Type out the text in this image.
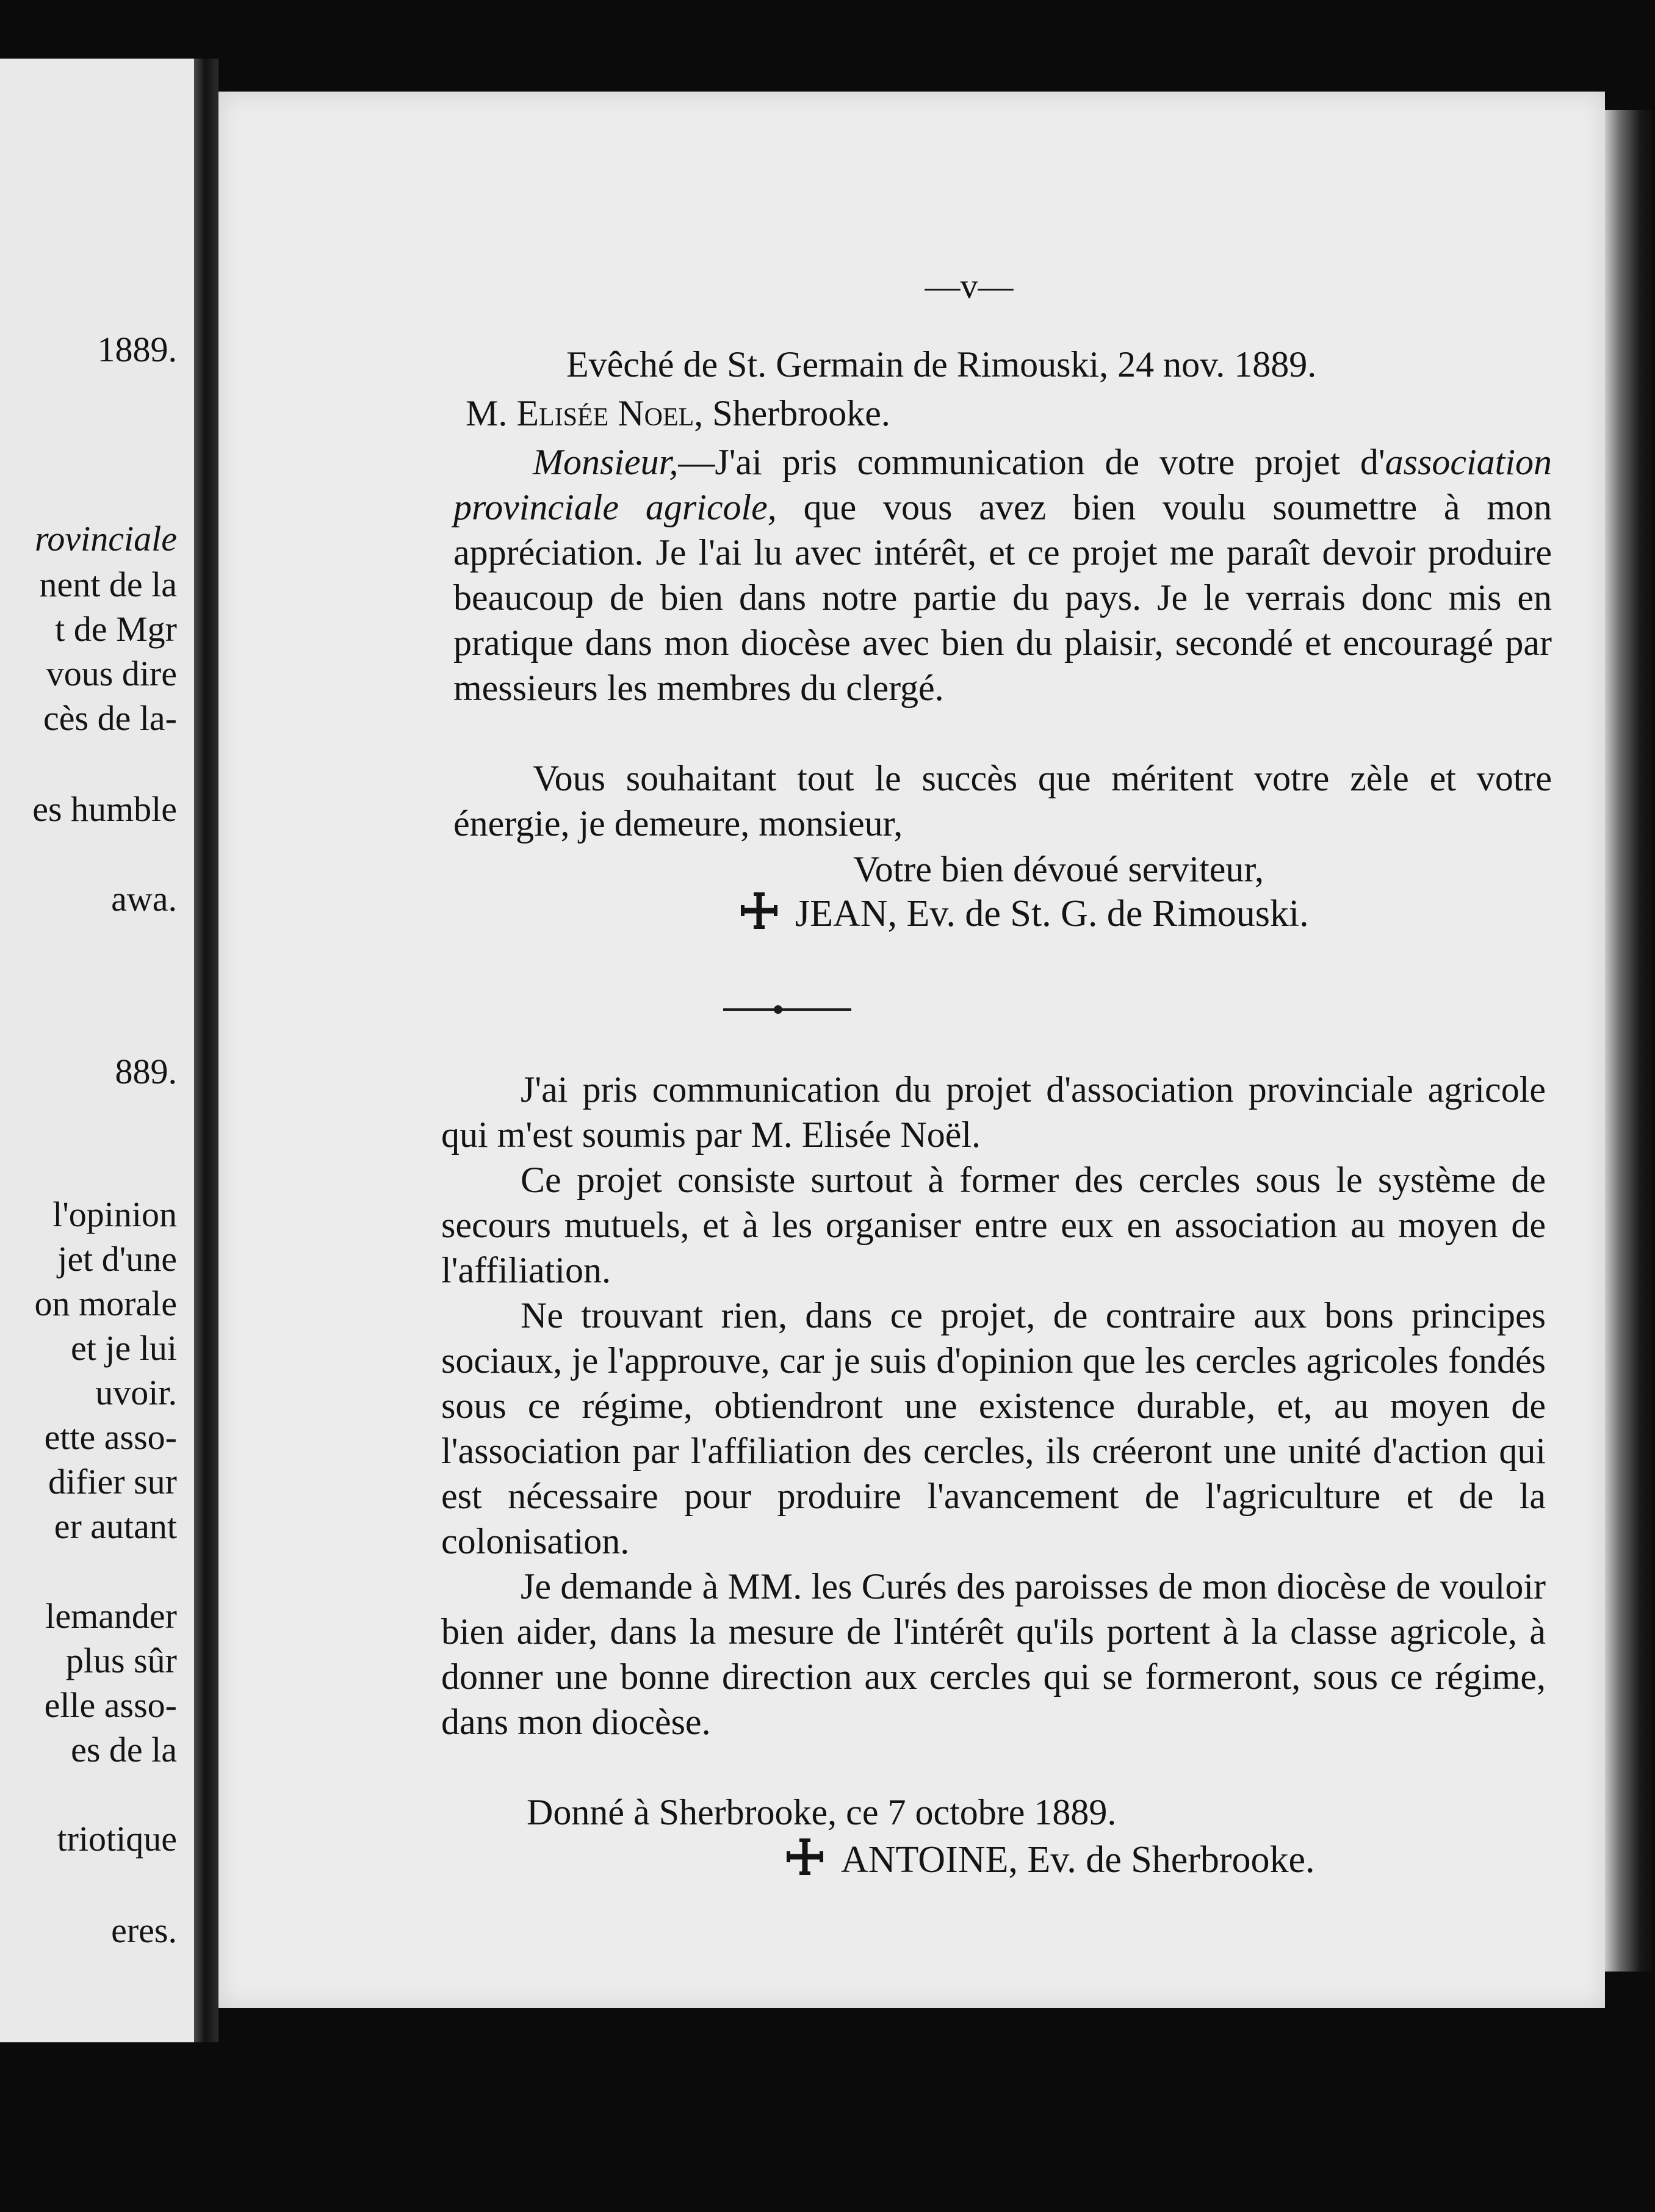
1889.
rovinciale
nent de la
t de Mgr
vous dire
cès de la-
es humble
awa.
889.
l'opinion
jet d'une
on morale
et je lui
uvoir.
ette asso-
difier sur
er autant
lemander
plus sûr
elle asso-
es de la
triotique
eres.
—v—
Evêché de St. Germain de Rimouski, 24 nov. 1889.
M. Elisée Noel, Sherbrooke.
Monsieur,—J'ai pris communication de votre projet d'association provinciale agricole, que vous avez bien voulu soumettre à mon appréciation. Je l'ai lu avec intérêt, et ce projet me paraît devoir produire beaucoup de bien dans notre partie du pays. Je le verrais donc mis en pratique dans mon diocèse avec bien du plaisir, secondé et encouragé par messieurs les membres du clergé.
Vous souhaitant tout le succès que méritent votre zèle et votre énergie, je demeure, monsieur,
Votre bien dévoué serviteur,
JEAN, Ev. de St. G. de Rimouski.
J'ai pris communication du projet d'association provinciale agricole qui m'est soumis par M. Elisée Noël.
Ce projet consiste surtout à former des cercles sous le système de secours mutuels, et à les organiser entre eux en association au moyen de l'affiliation.
Ne trouvant rien, dans ce projet, de contraire aux bons principes sociaux, je l'approuve, car je suis d'opinion que les cercles agricoles fondés sous ce régime, obtiendront une existence durable, et, au moyen de l'association par l'affiliation des cercles, ils créeront une unité d'action qui est nécessaire pour produire l'avancement de l'agriculture et de la colonisation.
Je demande à MM. les Curés des paroisses de mon diocèse de vouloir bien aider, dans la mesure de l'intérêt qu'ils portent à la classe agricole, à donner une bonne direction aux cercles qui se formeront, sous ce régime, dans mon diocèse.
Donné à Sherbrooke, ce 7 octobre 1889.
ANTOINE, Ev. de Sherbrooke.
